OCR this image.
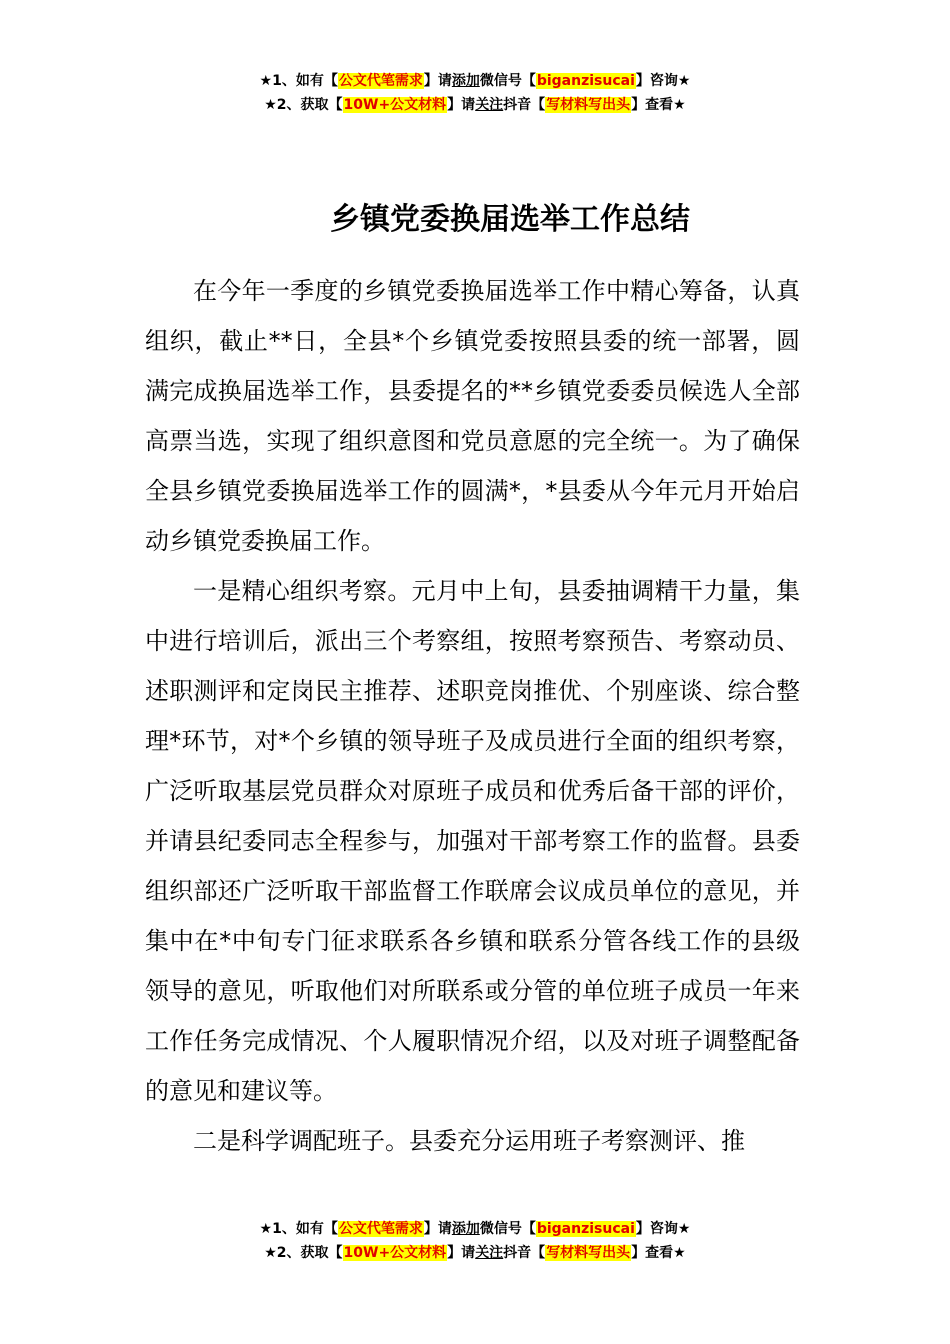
★1、如有【公文代笔需求】请添加微信号【biganzisucai】咨询★
★2、获取【10W+公文材料】请关注抖音【写材料写出头】查看★
乡镇党委换届选举工作总结

在今年一季度的乡镇党委换届选举工作中精心筹备，认真组织，截止**日，全县*个乡镇党委按照县委的统一部署，圆满完成换届选举工作，县委提名的**乡镇党委委员候选人全部高票当选，实现了组织意图和党员意愿的完全统一。为了确保全县乡镇党委换届选举工作的圆满*，*县委从今年元月开始启动乡镇党委换届工作。

一是精心组织考察。元月中上旬，县委抽调精干力量，集中进行培训后，派出三个考察组，按照考察预告、考察动员、述职测评和定岗民主推荐、述职竞岗推优、个别座谈、综合整理*环节，对*个乡镇的领导班子及成员进行全面的组织考察，广泛听取基层党员群众对原班子成员和优秀后备干部的评价，并请县纪委同志全程参与，加强对干部考察工作的监督。县委组织部还广泛听取干部监督工作联席会议成员单位的意见，并集中在*中旬专门征求联系各乡镇和联系分管各线工作的县级领导的意见，听取他们对所联系或分管的单位班子成员一年来工作任务完成情况、个人履职情况介绍，以及对班子调整配备的意见和建议等。

二是科学调配班子。县委充分运用班子考察测评、推

★1、如有【公文代笔需求】请添加微信号【biganzisucai】咨询★
★2、获取【10W+公文材料】请关注抖音【写材料写出头】查看★
